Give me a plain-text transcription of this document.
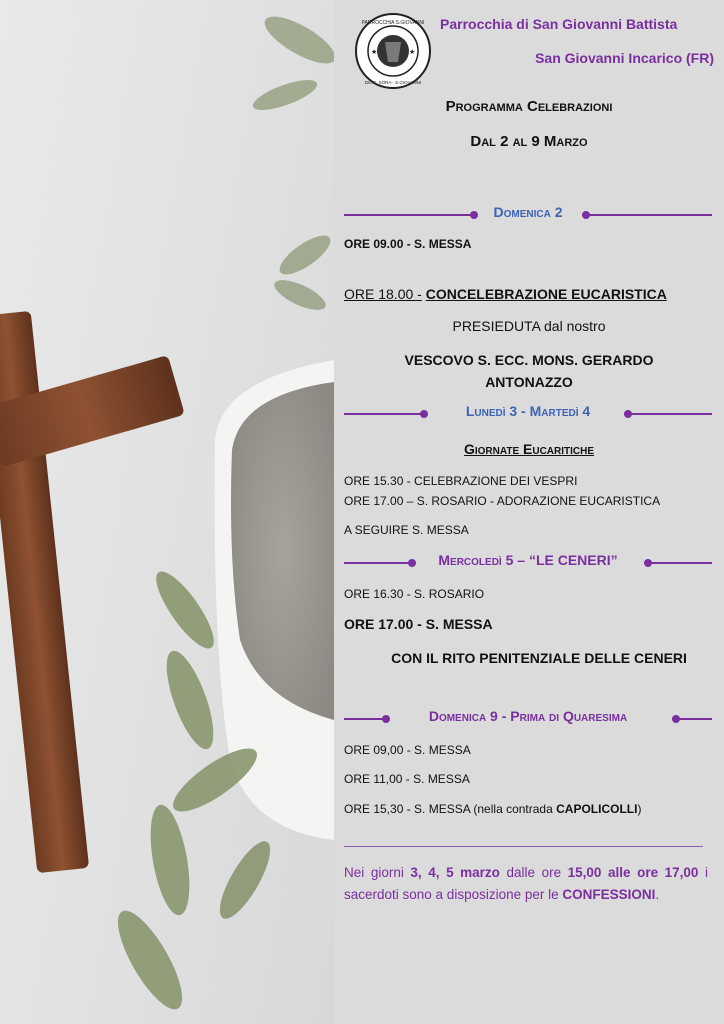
PARROCCHIA S.GIOVANNI
DIOC. SORA - S.GIOVANNI
★	★
Parrocchia di San Giovanni Battista
San Giovanni Incarico (FR)
Programma Celebrazioni
Dal 2 al 9 Marzo
Domenica 2
ORE 09.00 - S. MESSA
ORE 18.00 - CONCELEBRAZIONE EUCARISTICA
PRESIEDUTA dal nostro
VESCOVO S. ECC. MONS. GERARDO ANTONAZZO
Lunedì 3 - Martedì 4
Giornate Eucaritiche
ORE 15.30 - CELEBRAZIONE DEI VESPRI
ORE 17.00 – S. ROSARIO - ADORAZIONE EUCARISTICA
A SEGUIRE S. MESSA
Mercoledì 5 – “LE CENERI”
ORE 16.30 - S. ROSARIO
ORE 17.00 - S. MESSA
CON IL RITO PENITENZIALE DELLE CENERI
Domenica 9 - Prima di Quaresima
ORE 09,00 - S. MESSA
ORE 11,00 - S. MESSA
ORE 15,30 - S. MESSA (nella contrada CAPOLICOLLI)
Nei giorni 3, 4, 5 marzo dalle ore 15,00 alle ore 17,00 i sacerdoti sono a disposizione per le CONFESSIONI.
